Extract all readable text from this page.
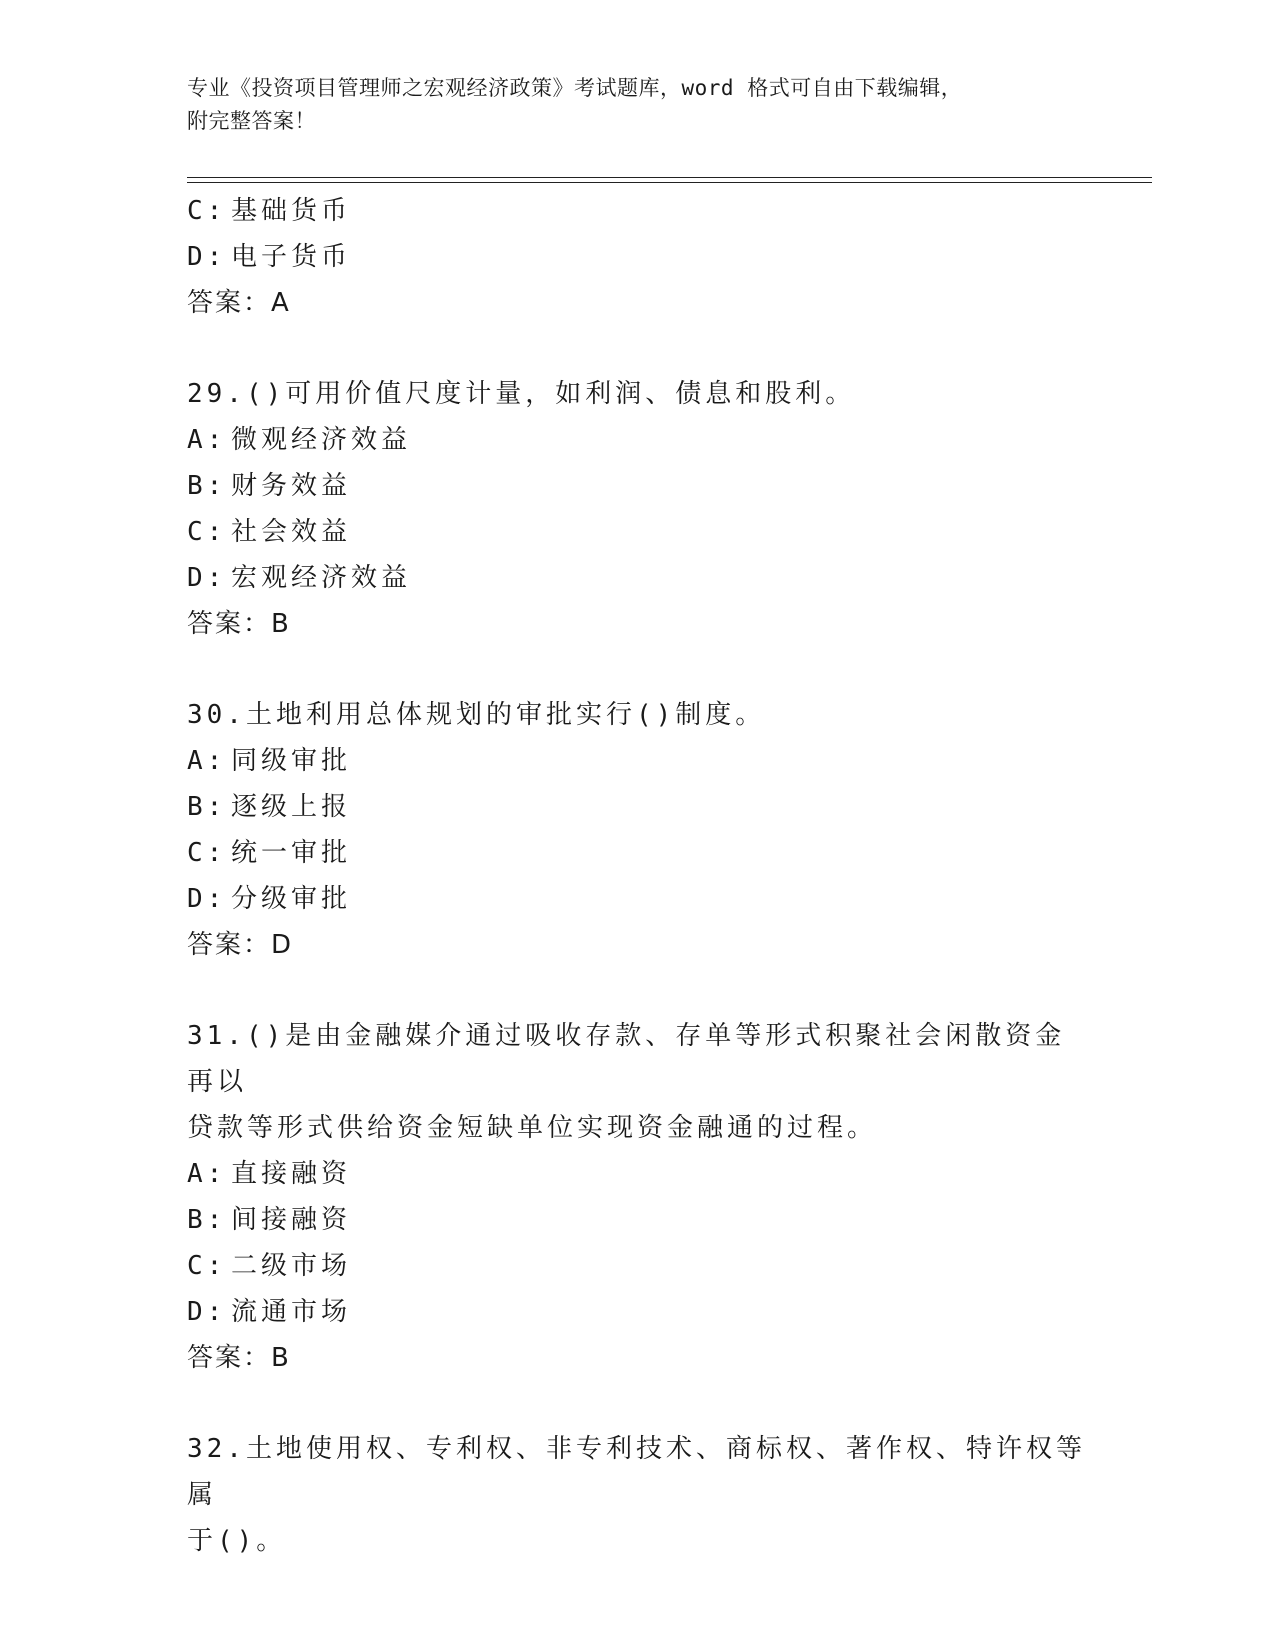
专业《投资项目管理师之宏观经济政策》考试题库，word 格式可自由下载编辑，
附完整答案！
C: 基础货币
D: 电子货币
答案：A
29.()可用价值尺度计量，如利润、债息和股利。
A: 微观经济效益
B: 财务效益
C: 社会效益
D: 宏观经济效益
答案：B
30.土地利用总体规划的审批实行()制度。
A: 同级审批
B: 逐级上报
C: 统一审批
D: 分级审批
答案：D
31.()是由金融媒介通过吸收存款、存单等形式积聚社会闲散资金再以
贷款等形式供给资金短缺单位实现资金融通的过程。
A: 直接融资
B: 间接融资
C: 二级市场
D: 流通市场
答案：B
32.土地使用权、专利权、非专利技术、商标权、著作权、特许权等属
于()。
